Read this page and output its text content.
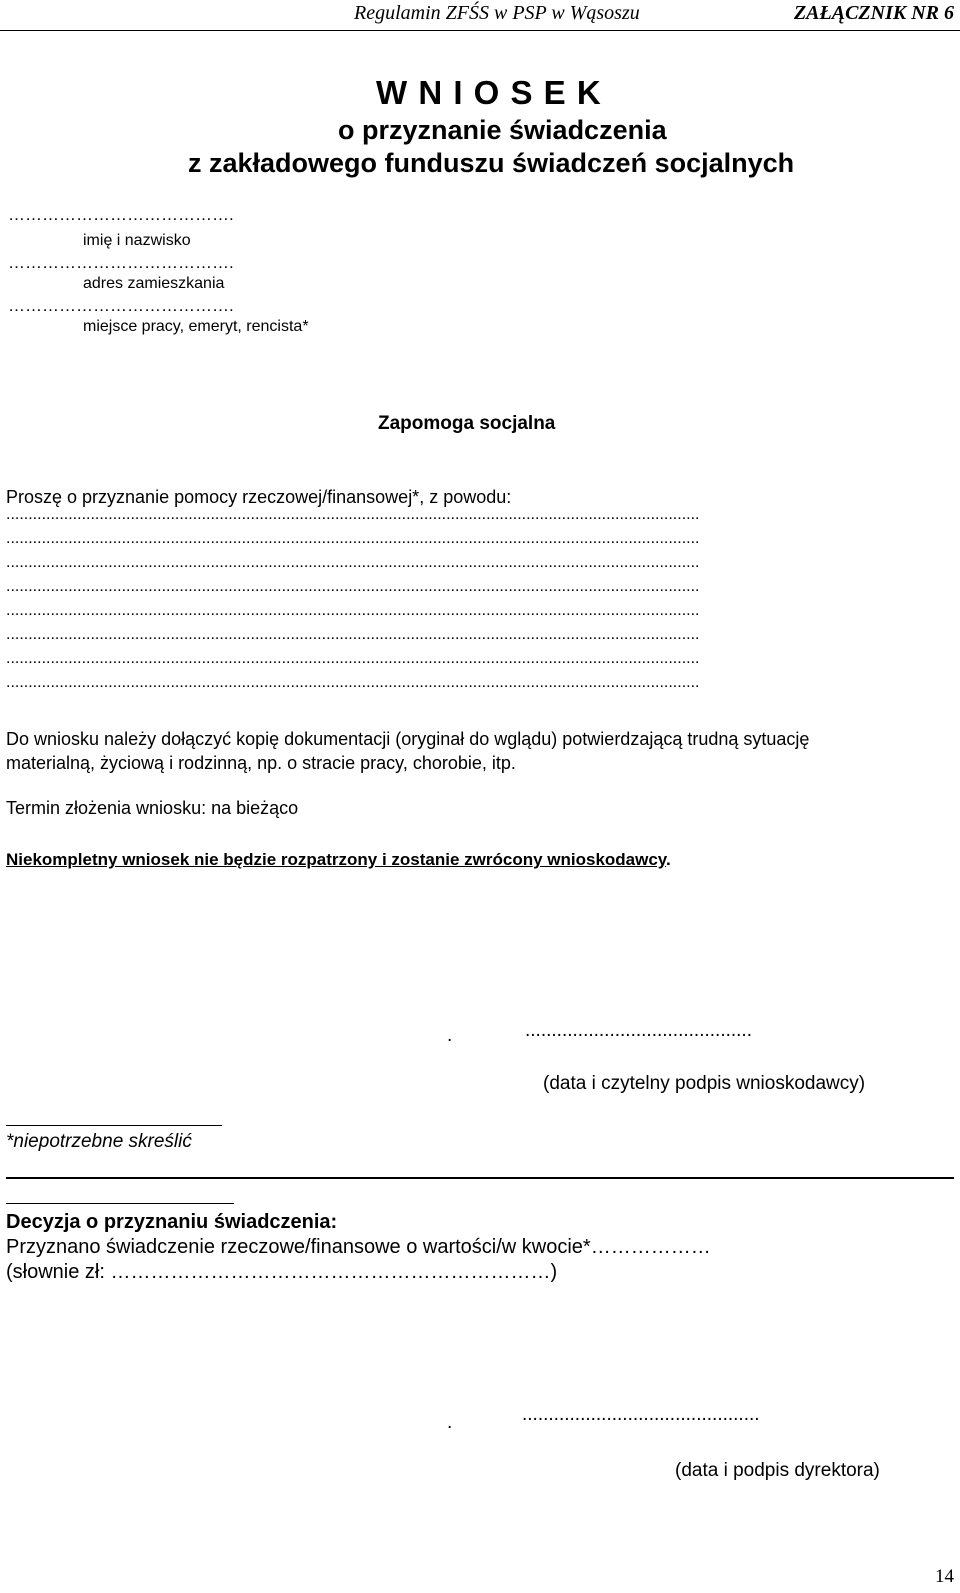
Regulamin ZFŚS w PSP w Wąsoszu	ZAŁĄCZNIK NR 6
W N I O S E K
o przyznanie świadczenia
z zakładowego funduszu świadczeń socjalnych
………………………………….
imię i nazwisko
………………………………….
adres zamieszkania
………………………………….
miejsce pracy, emeryt, rencista*
Zapomoga socjalna
Proszę o przyznanie pomocy rzeczowej/finansowej*, z powodu:
............................................................................................................................................................
............................................................................................................................................................
............................................................................................................................................................
............................................................................................................................................................
............................................................................................................................................................
............................................................................................................................................................
............................................................................................................................................................
............................................................................................................................................................
Do wniosku należy dołączyć kopię dokumentacji (oryginał do wglądu) potwierdzającą trudną sytuację
materialną, życiową i rodzinną, np. o stracie pracy, chorobie, itp.
Termin złożenia wniosku: na bieżąco
Niekompletny wniosek nie będzie rozpatrzony i zostanie zwrócony wnioskodawcy.
.	...........................................
(data i czytelny podpis wnioskodawcy)
*niepotrzebne skreślić
Decyzja o przyznaniu świadczenia:
Przyznano świadczenie rzeczowe/finansowe o wartości/w kwocie*………………
(słownie zł: …………………………………………………………)
.	.............................................
(data i podpis dyrektora)
14
